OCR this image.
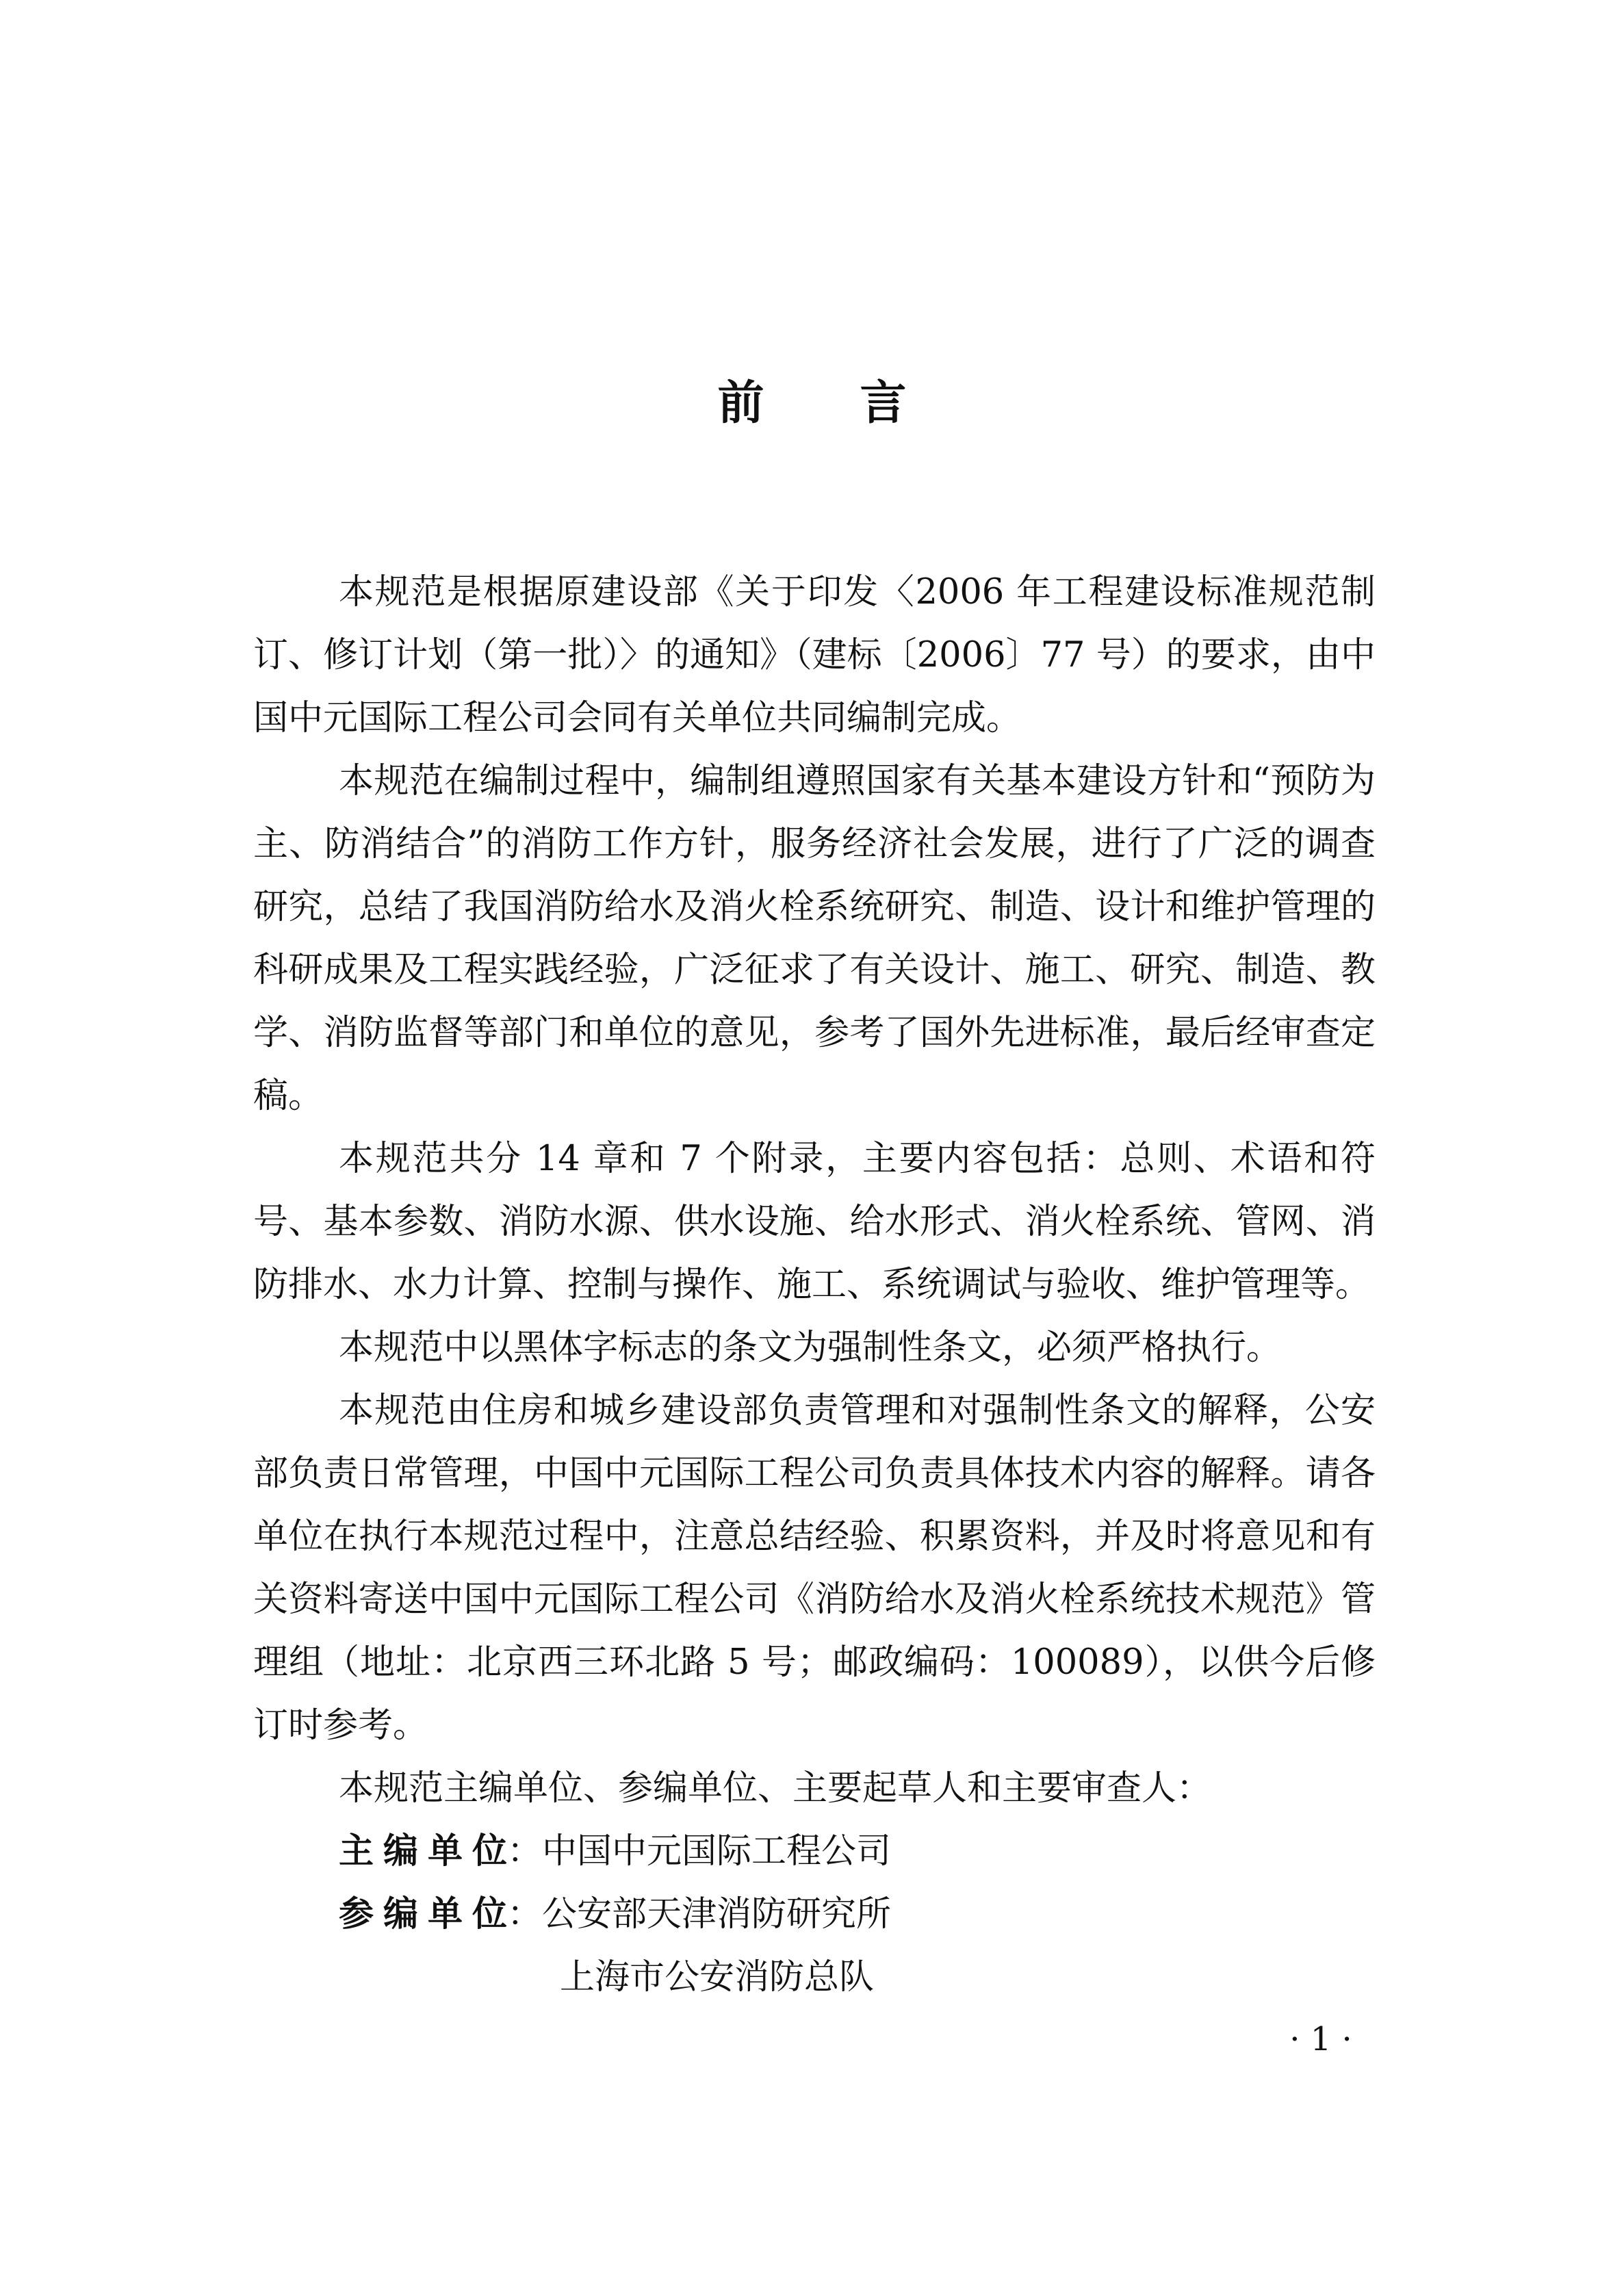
前 言

本规范是根据原建设部《关于印发〈2006 年工程建设标准规范制订、修订计划（第一批）〉的通知》（建标〔2006〕77 号）的要求，由中国中元国际工程公司会同有关单位共同编制完成。

本规范在编制过程中，编制组遵照国家有关基本建设方针和“预防为主、防消结合”的消防工作方针，服务经济社会发展，进行了广泛的调查研究，总结了我国消防给水及消火栓系统研究、制造、设计和维护管理的科研成果及工程实践经验，广泛征求了有关设计、施工、研究、制造、教学、消防监督等部门和单位的意见，参考了国外先进标准，最后经审查定稿。

本规范共分 14 章和 7 个附录，主要内容包括：总则、术语和符号、基本参数、消防水源、供水设施、给水形式、消火栓系统、管网、消防排水、水力计算、控制与操作、施工、系统调试与验收、维护管理等。

本规范中以黑体字标志的条文为强制性条文，必须严格执行。

本规范由住房和城乡建设部负责管理和对强制性条文的解释，公安部负责日常管理，中国中元国际工程公司负责具体技术内容的解释。请各单位在执行本规范过程中，注意总结经验、积累资料，并及时将意见和有关资料寄送中国中元国际工程公司《消防给水及消火栓系统技术规范》管理组（地址：北京西三环北路 5 号；邮政编码：100089），以供今后修订时参考。

本规范主编单位、参编单位、主要起草人和主要审查人：

主编单位：中国中元国际工程公司

参编单位：公安部天津消防研究所

上海市公安消防总队

· 1 ·
